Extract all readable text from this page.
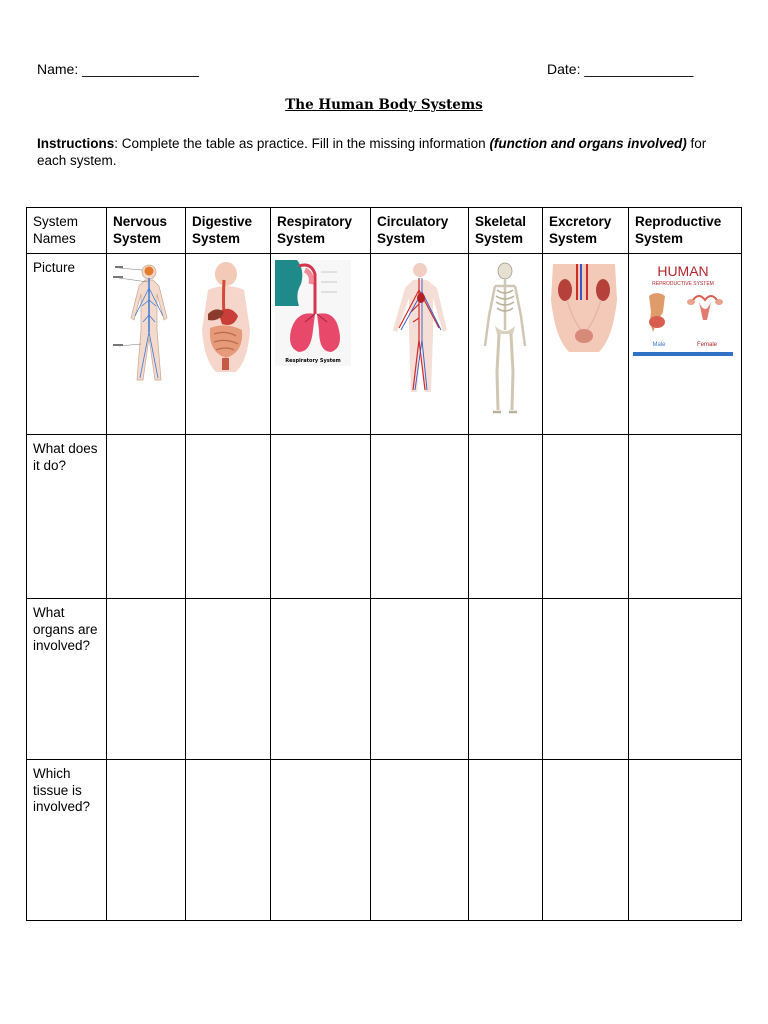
Name: _______________	Date: ______________
The Human Body Systems
Instructions: Complete the table as practice. Fill in the missing information (function and organs involved) for each system.
System Names	Nervous System	Digestive System	Respiratory System	Circulatory System	Skeletal System	Excretory System	Reproductive System
Picture			Respiratory System				HUMAN
REPRODUCTIVE SYSTEM
Male Female

What does it do?							
What organs are involved?							
Which tissue is involved?							
